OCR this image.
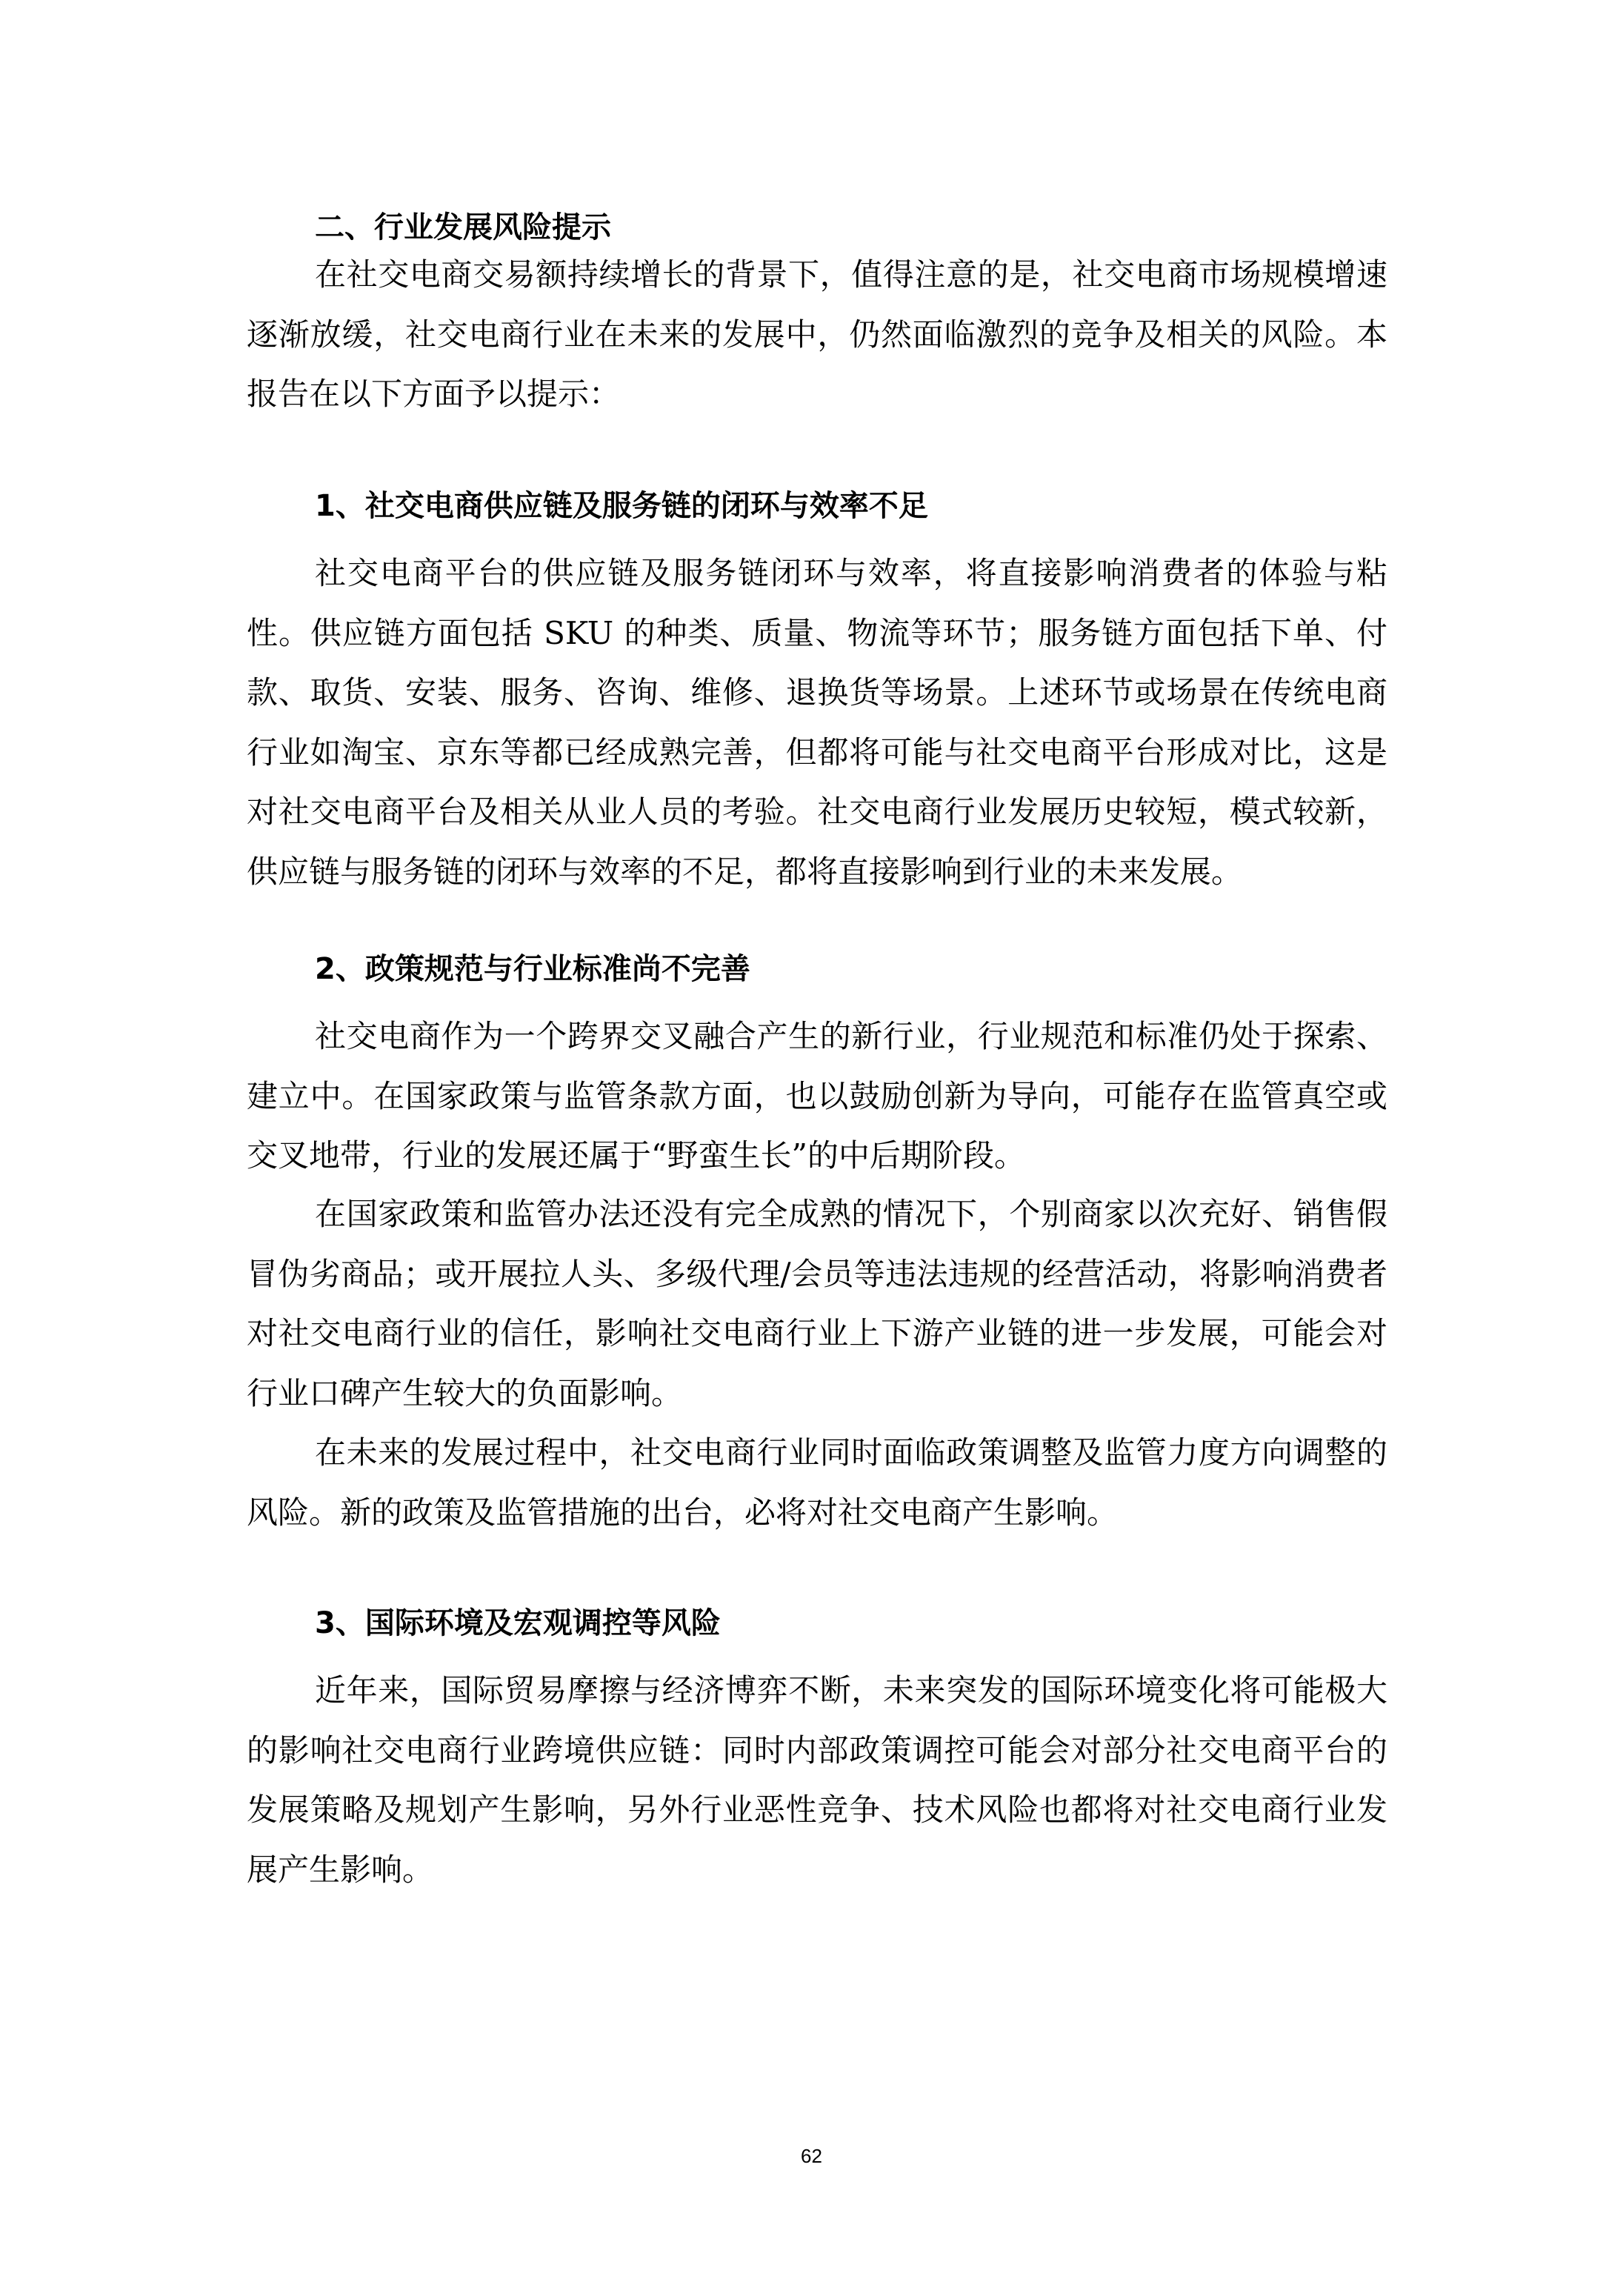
二、行业发展风险提示

在社交电商交易额持续增长的背景下，值得注意的是，社交电商市场规模增速逐渐放缓，社交电商行业在未来的发展中，仍然面临激烈的竞争及相关的风险。本报告在以下方面予以提示：

1、社交电商供应链及服务链的闭环与效率不足

社交电商平台的供应链及服务链闭环与效率，将直接影响消费者的体验与粘性。供应链方面包括 SKU 的种类、质量、物流等环节；服务链方面包括下单、付款、取货、安装、服务、咨询、维修、退换货等场景。上述环节或场景在传统电商行业如淘宝、京东等都已经成熟完善，但都将可能与社交电商平台形成对比，这是对社交电商平台及相关从业人员的考验。社交电商行业发展历史较短，模式较新，供应链与服务链的闭环与效率的不足，都将直接影响到行业的未来发展。

2、政策规范与行业标准尚不完善

社交电商作为一个跨界交叉融合产生的新行业，行业规范和标准仍处于探索、建立中。在国家政策与监管条款方面，也以鼓励创新为导向，可能存在监管真空或交叉地带，行业的发展还属于“野蛮生长”的中后期阶段。

在国家政策和监管办法还没有完全成熟的情况下，个别商家以次充好、销售假冒伪劣商品；或开展拉人头、多级代理/会员等违法违规的经营活动，将影响消费者对社交电商行业的信任，影响社交电商行业上下游产业链的进一步发展，可能会对行业口碑产生较大的负面影响。

在未来的发展过程中，社交电商行业同时面临政策调整及监管力度方向调整的风险。新的政策及监管措施的出台，必将对社交电商产生影响。

3、国际环境及宏观调控等风险

近年来，国际贸易摩擦与经济博弈不断，未来突发的国际环境变化将可能极大的影响社交电商行业跨境供应链：同时内部政策调控可能会对部分社交电商平台的发展策略及规划产生影响，另外行业恶性竞争、技术风险也都将对社交电商行业发展产生影响。

62
